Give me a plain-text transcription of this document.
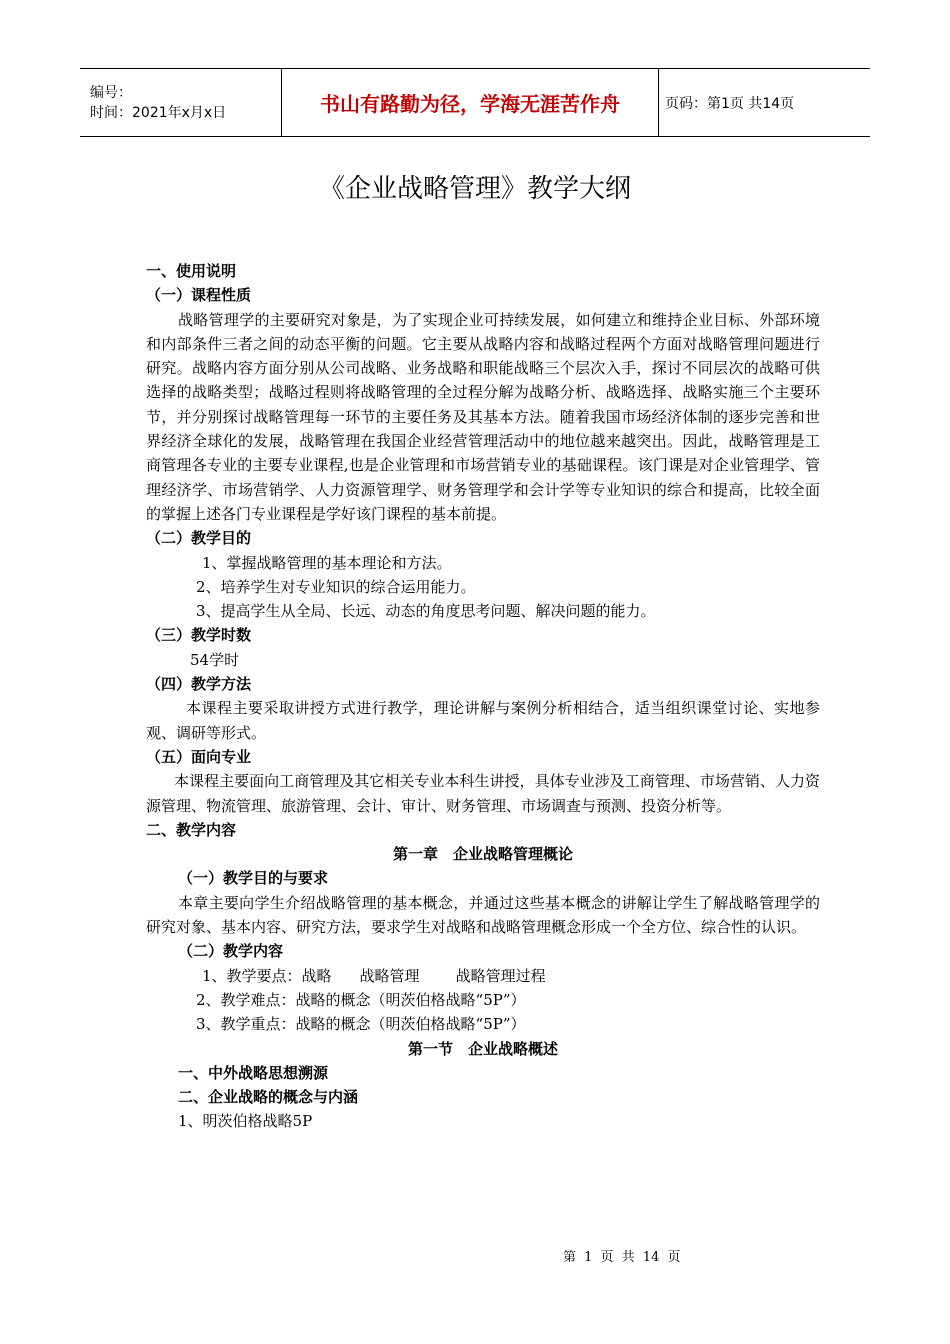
编号：
时间：2021年x月x日	书山有路勤为径，学海无涯苦作舟	页码：第1页 共14页
《企业战略管理》教学大纲
一、使用说明
（一）课程性质

战略管理学的主要研究对象是，为了实现企业可持续发展，如何建立和维持企业目标、外部环境和内部条件三者之间的动态平衡的问题。它主要从战略内容和战略过程两个方面对战略管理问题进行研究。战略内容方面分别从公司战略、业务战略和职能战略三个层次入手，探讨不同层次的战略可供选择的战略类型；战略过程则将战略管理的全过程分解为战略分析、战略选择、战略实施三个主要环节，并分别探讨战略管理每一环节的主要任务及其基本方法。随着我国市场经济体制的逐步完善和世界经济全球化的发展，战略管理在我国企业经营管理活动中的地位越来越突出。因此，战略管理是工商管理各专业的主要专业课程,也是企业管理和市场营销专业的基础课程。该门课是对企业管理学、管理经济学、市场营销学、人力资源管理学、财务管理学和会计学等专业知识的综合和提高，比较全面的掌握上述各门专业课程是学好该门课程的基本前提。

（二）教学目的
1、掌握战略管理的基本理论和方法。
2、培养学生对专业知识的综合运用能力。
3、提高学生从全局、长远、动态的角度思考问题、解决问题的能力。
（三）教学时数
54学时
（四）教学方法

本课程主要采取讲授方式进行教学，理论讲解与案例分析相结合，适当组织课堂讨论、实地参观、调研等形式。

（五）面向专业

本课程主要面向工商管理及其它相关专业本科生讲授，具体专业涉及工商管理、市场营销、人力资源管理、物流管理、旅游管理、会计、审计、财务管理、市场调查与预测、投资分析等。

二、教学内容
第一章　企业战略管理概论
（一）教学目的与要求

本章主要向学生介绍战略管理的基本概念，并通过这些基本概念的讲解让学生了解战略管理学的研究对象、基本内容、研究方法，要求学生对战略和战略管理概念形成一个全方位、综合性的认识。

（二）教学内容
1、教学要点：战略 战略管理 战略管理过程
2、教学难点：战略的概念（明茨伯格战略“5P”）
3、教学重点：战略的概念（明茨伯格战略“5P”）
第一节　企业战略概述
一、中外战略思想溯源
二、企业战略的概念与内涵
1、明茨伯格战略5P
第 1 页 共 14 页
